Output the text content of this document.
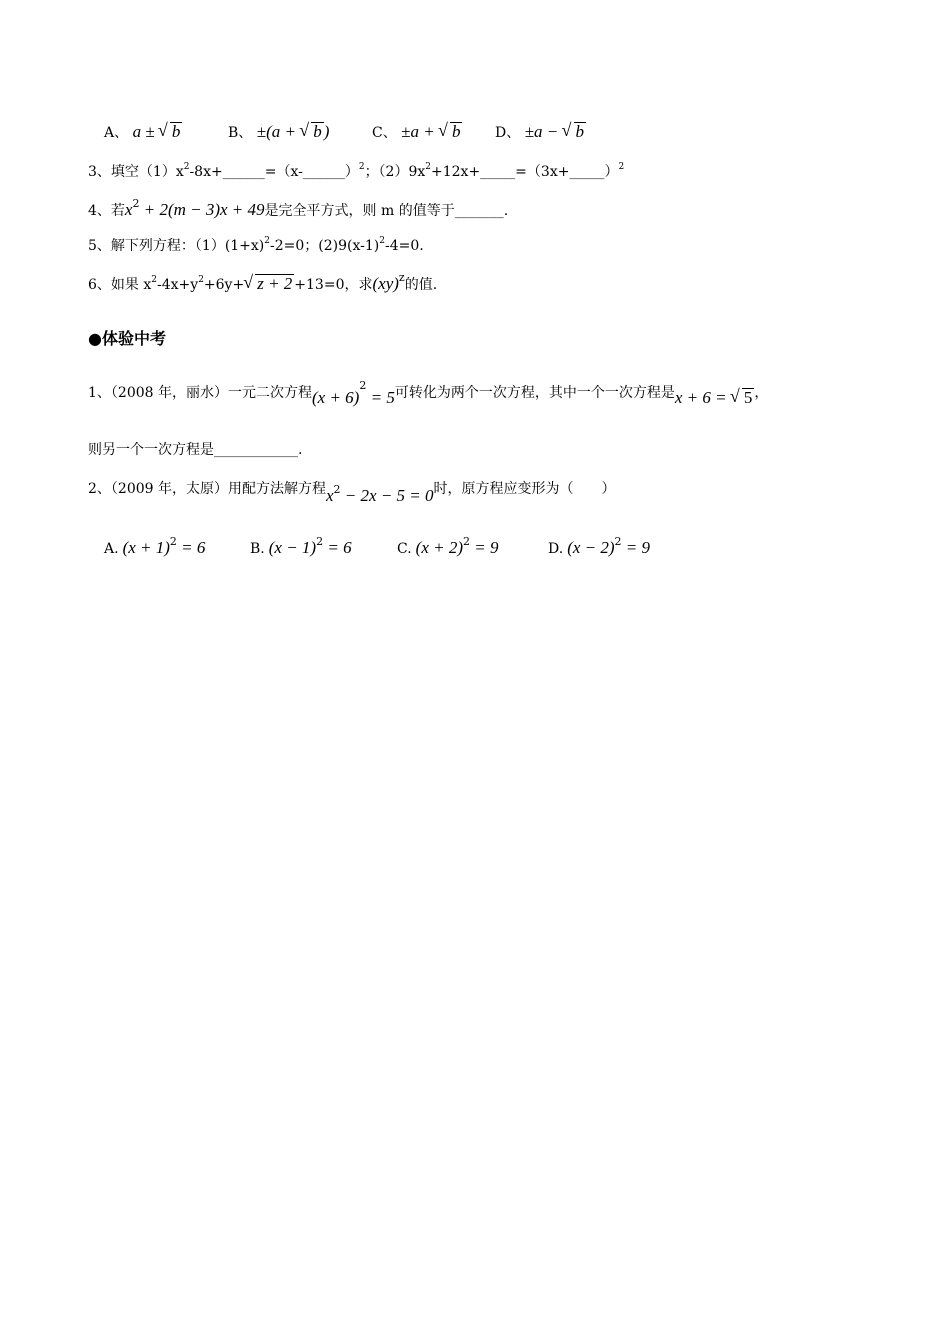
A、 a ± √ b	B、 ±(a + √ b )	C、 ±a + √ b D、 ±a − √ b
3、填空$(1)x^2-8x+\_\_\_\_\_\_=(x-\_\_\_\_\_\_)^2$；$(2)9x^2+12x+\_\_\_\_\_=(3x+\_\_\_\_\_)^2$
4、若$x^2 + 2(m - 3)x + 49$是完全平方式，则 m 的值等于_______.
5、解下列方程：$(1)(1+x)^2-2=0$；$(2)9(x-1)^2-4=0$.
6、如果 $x^2-4x+y^2+6y+√$ z + 2 +13=0，求(xy)$^z$的值.
●体验中考
1、（2008 年，丽水）一元二次方程$(x + 6)^2 = 5$可转化为两个一次方程，其中一个一次方程是x + 6 = √ 5 ，
则另一个一次方程是____________.
2、（2009 年，太原）用配方法解方程x2 − 2x − 5 = 0时，原方程应变形为（　　）
A. $(x + 1)^2 = 6$	B. $(x - 1)^2 = 6$	C. $(x + 2)^2 = 9$	D. $(x - 2)^2 = 9$
